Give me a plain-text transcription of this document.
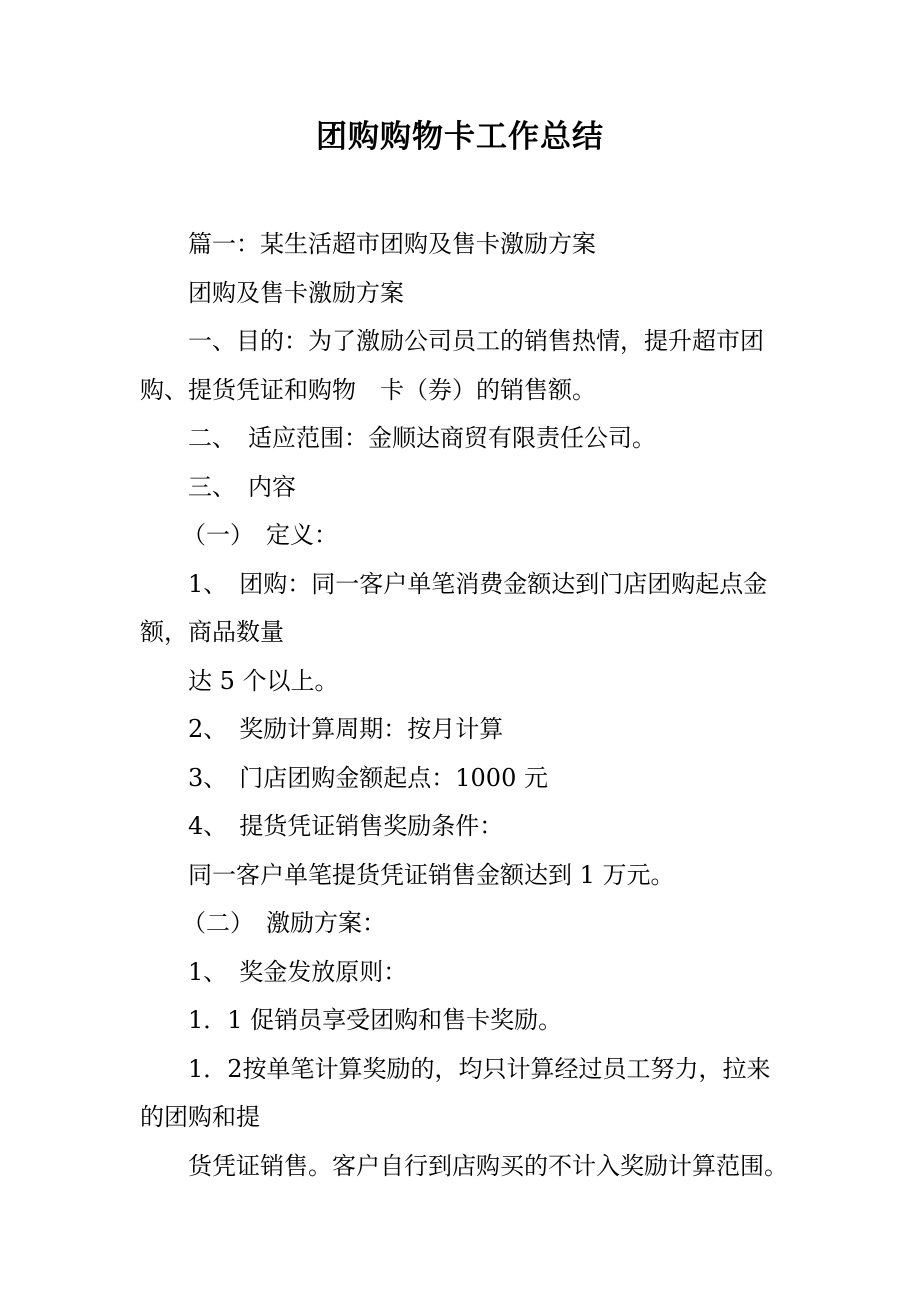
团购购物卡工作总结

篇一：某生活超市团购及售卡激励方案

团购及售卡激励方案

一、目的：为了激励公司员工的销售热情，提升超市团购、提货凭证和购物　卡（券）的销售额。

二、　适应范围：金顺达商贸有限责任公司。

三、　内容

（一）　定义：

1、　团购：同一客户单笔消费金额达到门店团购起点金额，商品数量

达 5 个以上。

2、　奖励计算周期：按月计算

3、　门店团购金额起点：1000 元

4、　提货凭证销售奖励条件：

同一客户单笔提货凭证销售金额达到 1 万元。

（二）　激励方案：

1、　奖金发放原则：

1．1 促销员享受团购和售卡奖励。

1．2按单笔计算奖励的，均只计算经过员工努力，拉来的团购和提

货凭证销售。客户自行到店购买的不计入奖励计算范围。
